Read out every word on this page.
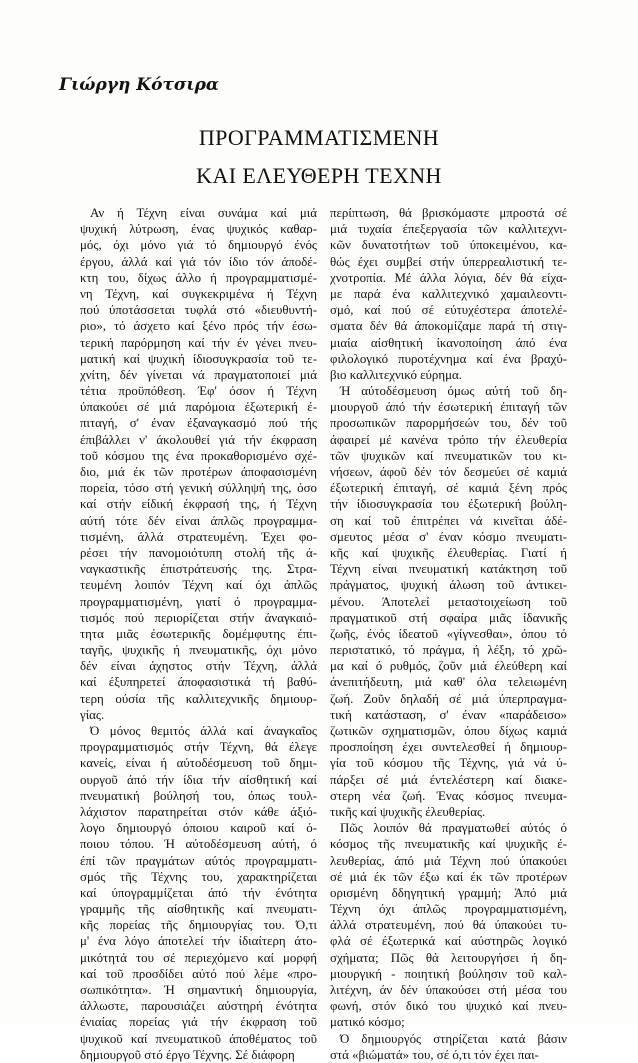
Γιώργη Κότσιρα

ΠΡΟΓΡΑΜΜΑΤΙΣΜΕΝΗ
ΚΑΙ ΕΛΕΥΘΕΡΗ ΤΕΧΝΗ
Αν ή Τέχνη είναι συνάμα καί μιά
ψυχική λύτρωση, ένας ψυχικός καθαρ-
μός, όχι μόνο γιά τό δημιουργό ένός
έργου, άλλά καί γιά τόν ίδιο τόν άποδέ-
κτη του, δίχως άλλο ή προγραμματισμέ-
νη Τέχνη, καί συγκεκριμένα ή Τέχνη
πού ύποτάσσεται τυφλά στό «διευθυντή-
ριο», τό άσχετο καί ξένο πρός τήν έσω-
τερική παρόρμηση καί τήν έν γένει πνευ-
ματική καί ψυχική ίδιοσυγκρασία τοῦ τε-
χνίτη, δέν γίνεται νά πραγματοποιεί μιά
τέτια προϋπόθεση. Έφ' όσον ή Τέχνη
ύπακούει σέ μιά παρόμοια έξωτερική έ-
πιταγή, σ' έναν έξαναγκασμό πού τής
έπιβάλλει ν' άκολουθεί γιά τήν έκφραση
τοῦ κόσμου της ένα προκαθορισμένο σχέ-
διο, μιά έκ τῶν προτέρων άποφασισμένη
πορεία, τόσο στή γενική σύλληψή της, όσο
καί στήν είδική έκφρασή της, ή Τέχνη
αύτή τότε δέν είναι άπλῶς προγραμμα-
τισμένη, άλλά στρατευμένη. Έχει φο-
ρέσει τήν πανομοιότυπη στολή τῆς ά-
ναγκαστικῆς έπιστράτευσής της. Στρα-
τευμένη λοιπόν Τέχνη καί όχι άπλῶς
προγραμματισμένη, γιατί ό προγραμμα-
τισμός πού περιορίζεται στήν άναγκαιό-
τητα μιᾶς έσωτερικῆς δομέμφυτης έπι-
ταγῆς, ψυχικῆς ή πνευματικῆς, όχι μόνο
δέν είναι άχηστος στήν Τέχνη, άλλά
καί έξυπηρετεί άποφασιστικά τή βαθύ-
τερη ούσία τῆς καλλιτεχνικῆς δημιουρ-
γίας.
Ό μόνος θεμιτός άλλά καί άναγκαῖος
προγραμματισμός στήν Τέχνη, θά έλεγε
κανείς, είναι ή αύτοδέσμευση τοῦ δημι-
ουργοῦ άπό τήν ίδια τήν αίσθητική καί
πνευματική βούλησή του, όπως τουλ-
λάχιστον παρατηρείται στόν κάθε άξιό-
λογο δημιουργό όποιου καιροῦ καί ό-
ποιου τόπου. Ή αύτοδέσμευση αύτή, ό
έπί τῶν πραγμάτων αύτός προγραμματι-
σμός τῆς Τέχνης του, χαρακτηρίζεται
καί ύπογραμμίζεται άπό τήν ένότητα
γραμμῆς τῆς αίσθητικῆς καί πνευματι-
κῆς πορείας τῆς δημιουργίας του. Ό,τι
μ' ένα λόγο άποτελεί τήν ίδιαίτερη άτο-
μικότητά του σέ περιεχόμενο καί μορφή
καί τοῦ προσδίδει αύτό πού λέμε «προ-
σωπικότητα». Ή σημαντική δημιουργία,
άλλωστε, παρουσιάζει αύστηρή ένότητα
ένιαίας πορείας γιά τήν έκφραση τοῦ
ψυχικοῦ καί πνευματικοῦ άποθέματος τοῦ
δημιουργοῦ στό έργο Τέχνης. Σέ διάφορη
περίπτωση, θά βρισκόμαστε μπροστά σέ
μιά τυχαία έπεξεργασία τῶν καλλιτεχνι-
κῶν δυνατοτήτων τοῦ ύποκειμένου, κα-
θώς έχει συμβεί στήν ύπερρεαλιστική τε-
χνοτροπία. Μέ άλλα λόγια, δέν θά είχα-
με παρά ένα καλλιτεχνικό χαμαιλεοντι-
σμό, καί πού σέ εύτυχέστερα άποτελέ-
σματα δέν θά άποκομίζαμε παρά τή στιγ-
μιαία αίσθητική ίκανοποίηση άπό ένα
φιλολογικό πυροτέχνημα καί ένα βραχύ-
βιο καλλιτεχνικό εύρημα.
Ή αύτοδέσμευση όμως αύτή τοῦ δη-
μιουργοῦ άπό τήν έσωτερική έπιταγή τῶν
προσωπικῶν παρορμήσεών του, δέν τοῦ
άφαιρεί μέ κανένα τρόπο τήν έλευθερία
τῶν ψυχικῶν καί πνευματικῶν του κι-
νήσεων, άφοῦ δέν τόν δεσμεύει σέ καμιά
έξωτερική έπιταγή, σέ καμιά ξένη πρός
τήν ίδιοσυγκρασία του έξωτερική βούλη-
ση καί τοῦ έπιτρέπει νά κινεῖται άδέ-
σμευτος μέσα σ' έναν κόσμο πνευματι-
κῆς καί ψυχικῆς έλευθερίας. Γιατί ή
Τέχνη είναι πνευματική κατάκτηση τοῦ
πράγματος, ψυχική άλωση τοῦ άντικει-
μένου. Άποτελεί μεταστοιχείωση τοῦ
πραγματικοῦ στή σφαίρα μιᾶς ίδανικῆς
ζωῆς, ένός ίδεατοῦ «γίγνεσθαι», όπου τό
περιστατικό, τό πράγμα, ή λέξη, τό χρῶ-
μα καί ό ρυθμός, ζοῦν μιά έλεύθερη καί
άνεπιτήδευτη, μιά καθ' όλα τελειωμένη
ζωή. Ζοῦν δηλαδή σέ μιά ύπερπραγμα-
τική κατάσταση, σ' έναν «παράδεισο»
ζωτικῶν σχηματισμῶν, όπου δίχως καμιά
προσποίηση έχει συντελεσθεί ή δημιουρ-
γία τοῦ κόσμου τῆς Τέχνης, γιά νά ύ-
πάρξει σέ μιά έντελέστερη καί διακε-
στερη νέα ζωή. Ένας κόσμος πνευμα-
τικῆς καί ψυχικῆς έλευθερίας.
Πῶς λοιπόν θά πραγματωθεί αύτός ό
κόσμος τῆς πνευματικῆς καί ψυχικῆς έ-
λευθερίας, άπό μιά Τέχνη πού ύπακούει
σέ μιά έκ τῶν έξω καί έκ τῶν προτέρων
ορισμένη δδηγητική γραμμή; Άπό μιά
Τέχνη όχι άπλῶς προγραμματισμένη,
άλλά στρατευμένη, πού θά ύπακούει τυ-
φλά σέ έξωτερικά καί αύστηρῶς λογικό
σχήματα; Πῶς θά λειτουργήσει ή δη-
μιουργική - ποιητική βούλησιν τοῦ καλ-
λιτέχνη, άν δέν ύπακούσει στή μέσα του
φωνή, στόν δικό του ψυχικό καί πνευ-
ματικό κόσμο;
Ό δημιουργός στηρίζεται κατά βάσιν
στά «βιώματά» του, σέ ό,τι τόν έχει παι-
